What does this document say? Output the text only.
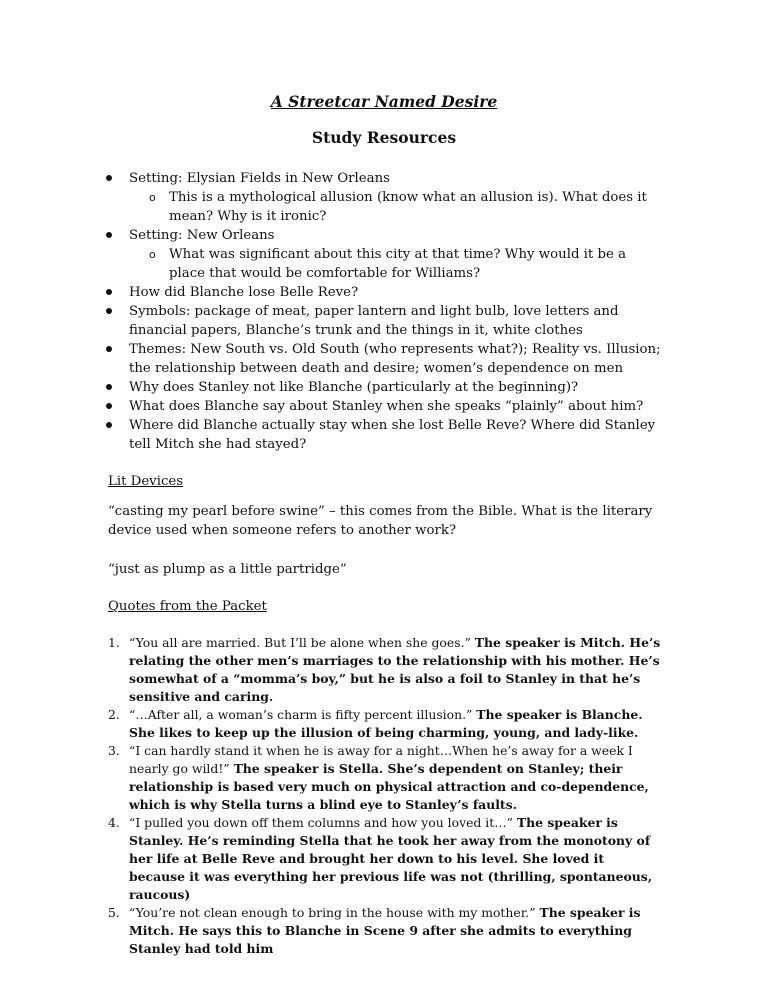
A Streetcar Named Desire
Study Resources
Setting: Elysian Fields in New Orleans
o This is a mythological allusion (know what an allusion is). What does it mean? Why is it ironic?
Setting: New Orleans
o What was significant about this city at that time? Why would it be a place that would be comfortable for Williams?
How did Blanche lose Belle Reve?
Symbols: package of meat, paper lantern and light bulb, love letters and financial papers, Blanche’s trunk and the things in it, white clothes
Themes: New South vs. Old South (who represents what?); Reality vs. Illusion; the relationship between death and desire; women’s dependence on men
Why does Stanley not like Blanche (particularly at the beginning)?
What does Blanche say about Stanley when she speaks “plainly” about him?
Where did Blanche actually stay when she lost Belle Reve? Where did Stanley tell Mitch she had stayed?
Lit Devices
“casting my pearl before swine” – this comes from the Bible. What is the literary device used when someone refers to another work?
“just as plump as a little partridge”
Quotes from the Packet
1. “You all are married. But I’ll be alone when she goes.” The speaker is Mitch. He’s relating the other men’s marriages to the relationship with his mother. He’s somewhat of a “momma’s boy,” but he is also a foil to Stanley in that he’s sensitive and caring.
2. “…After all, a woman’s charm is fifty percent illusion.” The speaker is Blanche. She likes to keep up the illusion of being charming, young, and lady-like.
3. “I can hardly stand it when he is away for a night…When he’s away for a week I nearly go wild!” The speaker is Stella. She’s dependent on Stanley; their relationship is based very much on physical attraction and co-dependence, which is why Stella turns a blind eye to Stanley’s faults.
4. “I pulled you down off them columns and how you loved it…” The speaker is Stanley. He’s reminding Stella that he took her away from the monotony of her life at Belle Reve and brought her down to his level. She loved it because it was everything her previous life was not (thrilling, spontaneous, raucous)
5. “You’re not clean enough to bring in the house with my mother.” The speaker is Mitch. He says this to Blanche in Scene 9 after she admits to everything Stanley had told him
